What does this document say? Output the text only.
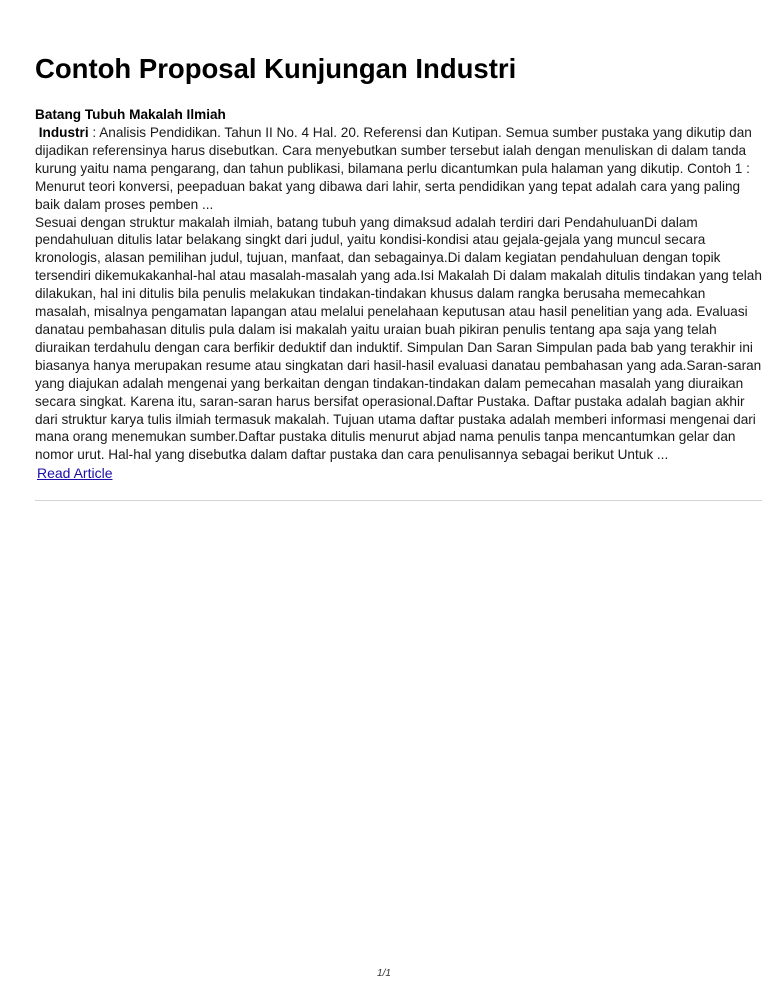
Contoh Proposal Kunjungan Industri
Batang Tubuh Makalah Ilmiah

Industri : Analisis Pendidikan. Tahun II No. 4 Hal. 20. Referensi dan Kutipan. Semua sumber pustaka yang dikutip dan dijadikan referensinya harus disebutkan. Cara menyebutkan sumber tersebut ialah dengan menuliskan di dalam tanda kurung yaitu nama pengarang, dan tahun publikasi, bilamana perlu dicantumkan pula halaman yang dikutip. Contoh 1 : Menurut teori konversi, peepaduan bakat yang dibawa dari lahir, serta pendidikan yang tepat adalah cara yang paling baik dalam proses pemben ...

Sesuai dengan struktur makalah ilmiah, batang tubuh yang dimaksud adalah terdiri dari PendahuluanDi dalam pendahuluan ditulis latar belakang singkt dari judul, yaitu kondisi-kondisi atau gejala-gejala yang muncul secara kronologis, alasan pemilihan judul, tujuan, manfaat, dan sebagainya.Di dalam kegiatan pendahuluan dengan topik tersendiri dikemukakanhal-hal atau masalah-masalah yang ada.Isi Makalah Di dalam makalah ditulis tindakan yang telah dilakukan, hal ini ditulis bila penulis melakukan tindakan-tindakan khusus dalam rangka berusaha memecahkan masalah, misalnya pengamatan lapangan atau melalui penelahaan keputusan atau hasil penelitian yang ada. Evaluasi danatau pembahasan ditulis pula dalam isi makalah yaitu uraian buah pikiran penulis tentang apa saja yang telah diuraikan terdahulu dengan cara berfikir deduktif dan induktif. Simpulan Dan Saran Simpulan pada bab yang terakhir ini biasanya hanya merupakan resume atau singkatan dari hasil-hasil evaluasi danatau pembahasan yang ada.Saran-saran yang diajukan adalah mengenai yang berkaitan dengan tindakan-tindakan dalam pemecahan masalah yang diuraikan secara singkat. Karena itu, saran-saran harus bersifat operasional.Daftar Pustaka. Daftar pustaka adalah bagian akhir dari struktur karya tulis ilmiah termasuk makalah. Tujuan utama daftar pustaka adalah memberi informasi mengenai dari mana orang menemukan sumber.Daftar pustaka ditulis menurut abjad nama penulis tanpa mencantumkan gelar dan nomor urut. Hal-hal yang disebutka dalam daftar pustaka dan cara penulisannya sebagai berikut Untuk ...

Read Article
1/1
